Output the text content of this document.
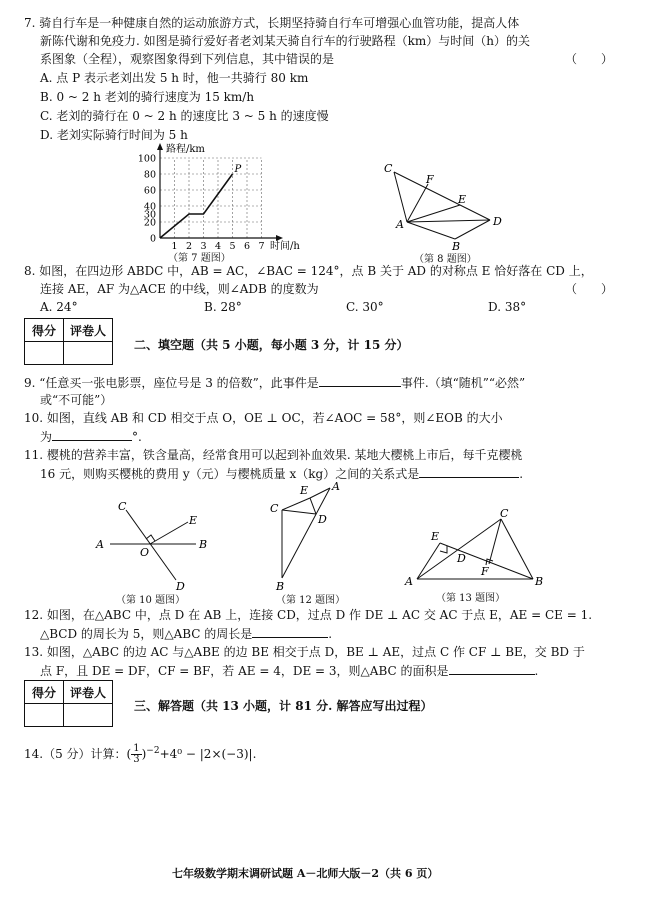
7. 骑自行车是一种健康自然的运动旅游方式，长期坚持骑自行车可增强心血管功能，提高人体
新陈代谢和免疫力. 如图是骑行爱好者老刘某天骑自行车的行驶路程（km）与时间（h）的关
系图象（全程），观察图象得到下列信息，其中错误的是	（　　）
A. 点 P 表示老刘出发 5 h 时，他一共骑行 80 km
B. 0 ~ 2 h 老刘的骑行速度为 15 km/h
C. 老刘的骑行在 0 ~ 2 h 的速度比 3 ~ 5 h 的速度慢
D. 老刘实际骑行时间为 5 h
路程/km
时间/h
100
80
60
40
30
20
0
1 2 3 4 5 6 7
P
（第 7 题图）
C
F
E
A	D
B
（第 8 题图）
8. 如图，在四边形 ABDC 中，AB = AC，∠BAC = 124°，点 B 关于 AD 的对称点 E 恰好落在 CD 上，
连接 AE，AF 为△ACE 的中线，则∠ADB 的度数为	（　　）
A. 24°	B. 28°	C. 30°	D. 38°
得分	评卷人

二、填空题（共 5 小题，每小题 3 分，计 15 分）
9. “任意买一张电影票，座位号是 3 的倍数”，此事件是	事件.（填“随机”“必然”
或“不可能”）
10. 如图，直线 AB 和 CD 相交于点 O，OE ⊥ OC，若∠AOC = 58°，则∠EOB 的大小
为	°.
11. 樱桃的营养丰富，铁含量高，经常食用可以起到补血效果. 某地大樱桃上市后，每千克樱桃
16 元，则购买樱桃的费用 y（元）与樱桃质量 x（kg）之间的关系式是	.
C
E
A
O
B
D
（第 10 题图）
E A
C
D
B
（第 12 题图）
C
E
D
F
A	B
（第 13 题图）
12. 如图，在△ABC 中，点 D 在 AB 上，连接 CD，过点 D 作 DE ⊥ AC 交 AC 于点 E，AE = CE = 1.
△BCD 的周长为 5，则△ABC 的周长是	.
13. 如图，△ABC 的边 AC 与△ABE 的边 BE 相交于点 D，BE ⊥ AE，过点 C 作 CF ⊥ BE，交 BD 于
点 F，且 DE = DF，CF = BF，若 AE = 4，DE = 3，则△ABC 的面积是	.
得分	评卷人

三、解答题（共 13 小题，计 81 分. 解答应写出过程）
14.（5 分）计算：( $\frac{1}{3} )^{-2}+4^0 - |2\times(-3)|$.
七年级数学期末调研试题 A－北师大版－2（共 6 页）
